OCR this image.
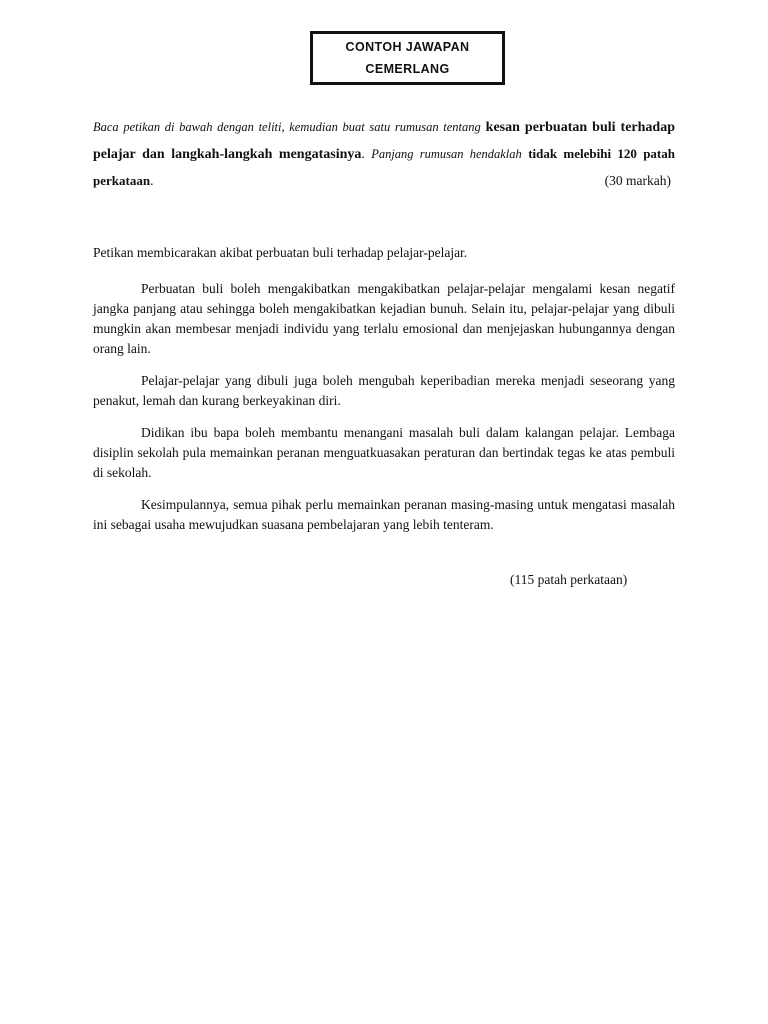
CONTOH JAWAPAN
CEMERLANG
Baca petikan di bawah dengan teliti, kemudian buat satu rumusan tentang kesan perbuatan buli terhadap pelajar dan langkah-langkah mengatasinya. Panjang rumusan hendaklah tidak melebihi 120 patah perkataan.	(30 markah)

Petikan membicarakan akibat perbuatan buli terhadap pelajar-pelajar.

Perbuatan buli boleh mengakibatkan mengakibatkan pelajar-pelajar mengalami kesan negatif jangka panjang atau sehingga boleh mengakibatkan kejadian bunuh. Selain itu, pelajar-pelajar yang dibuli mungkin akan membesar menjadi individu yang terlalu emosional dan menjejaskan hubungannya dengan orang lain.

Pelajar-pelajar yang dibuli juga boleh mengubah keperibadian mereka menjadi seseorang yang penakut, lemah dan kurang berkeyakinan diri.

Didikan ibu bapa boleh membantu menangani masalah buli dalam kalangan pelajar. Lembaga disiplin sekolah pula memainkan peranan menguatkuasakan peraturan dan bertindak tegas ke atas pembuli di sekolah.

Kesimpulannya, semua pihak perlu memainkan peranan masing-masing untuk mengatasi masalah ini sebagai usaha mewujudkan suasana pembelajaran yang lebih tenteram.

(115 patah perkataan)
